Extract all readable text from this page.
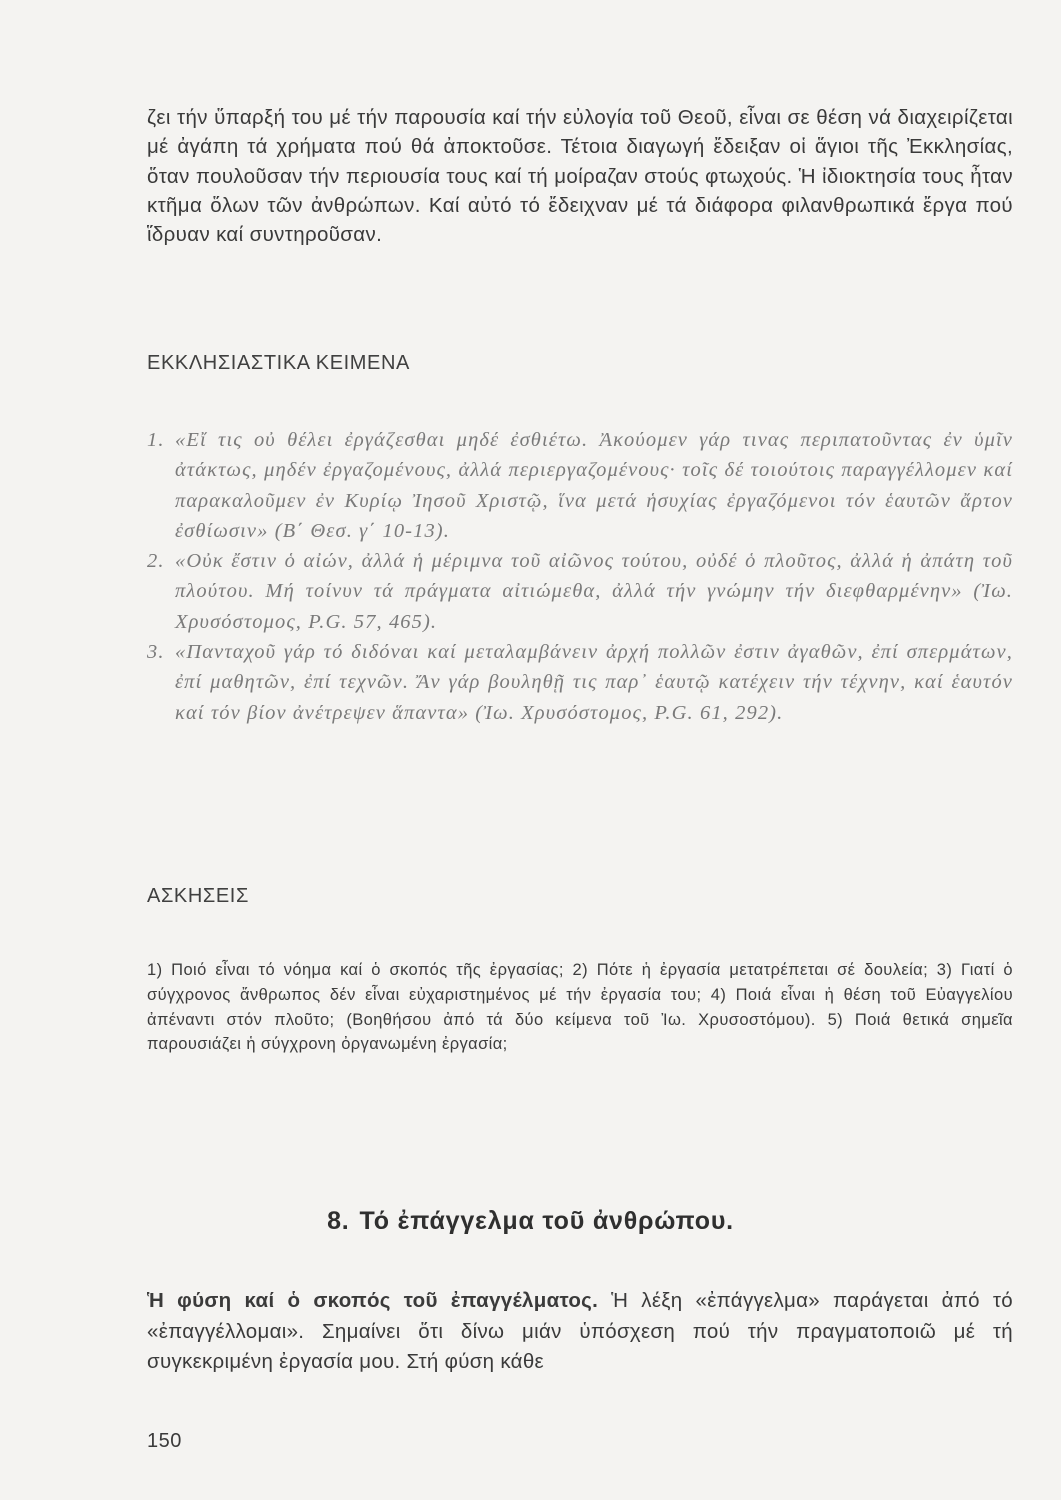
ζει τήν ὕπαρξή του μέ τήν παρουσία καί τήν εὐλογία τοῦ Θεοῦ, εἶναι σε θέση νά διαχειρίζεται μέ ἀγάπη τά χρήματα πού θά ἀποκτοῦσε. Τέτοια διαγωγή ἔδειξαν οἱ ἅγιοι τῆς Ἐκκλησίας, ὅταν πουλοῦσαν τήν περιουσία τους καί τή μοίραζαν στούς φτωχούς. Ἡ ἰδιοκτησία τους ἦταν κτῆμα ὅλων τῶν ἀνθρώπων. Καί αὐτό τό ἔδειχναν μέ τά διάφορα φιλανθρωπικά ἔργα πού ἵδρυαν καί συντηροῦσαν.

ΕΚΚΛΗΣΙΑΣΤΙΚΑ ΚΕΙΜΕΝΑ
1. «Εἴ τις οὐ θέλει ἐργάζεσθαι μηδέ ἐσθιέτω. Ἀκούομεν γάρ τινας περιπατοῦντας ἐν ὑμῖν ἀτάκτως, μηδέν ἐργαζομένους, ἀλλά περιεργαζομένους· τοῖς δέ τοιούτοις παραγγέλλομεν καί παρακαλοῦμεν ἐν Κυρίῳ Ἰησοῦ Χριστῷ, ἵνα μετά ἡσυχίας ἐργαζόμενοι τόν ἑαυτῶν ἄρτον ἐσθίωσιν» (Β΄ Θεσ. γ΄ 10-13).
2. «Οὐκ ἔστιν ὁ αἰών, ἀλλά ἡ μέριμνα τοῦ αἰῶνος τούτου, οὐδέ ὁ πλοῦτος, ἀλλά ἡ ἀπάτη τοῦ πλούτου. Μή τοίνυν τά πράγματα αἰτιώμεθα, ἀλλά τήν γνώμην τήν διεφθαρμένην» (Ἰω. Χρυσόστομος, P.G. 57, 465).
3. «Πανταχοῦ γάρ τό διδόναι καί μεταλαμβάνειν ἀρχή πολλῶν ἐστιν ἀγαθῶν, ἐπί σπερμάτων, ἐπί μαθητῶν, ἐπί τεχνῶν. Ἄν γάρ βουληθῇ τις παρ᾽ ἑαυτῷ κατέχειν τήν τέχνην, καί ἑαυτόν καί τόν βίον ἀνέτρεψεν ἅπαντα» (Ἰω. Χρυσόστομος, P.G. 61, 292).
ΑΣΚΗΣΕΙΣ

1) Ποιό εἶναι τό νόημα καί ὁ σκοπός τῆς ἐργασίας; 2) Πότε ἡ ἐργασία μετατρέπεται σέ δουλεία; 3) Γιατί ὁ σύγχρονος ἄνθρωπος δέν εἶναι εὐχαριστημένος μέ τήν ἐργασία του; 4) Ποιά εἶναι ἡ θέση τοῦ Εὐαγγελίου ἀπέναντι στόν πλοῦτο; (Βοηθήσου ἀπό τά δύο κείμενα τοῦ Ἰω. Χρυσοστόμου). 5) Ποιά θετικά σημεῖα παρουσιάζει ἡ σύγχρονη ὀργανωμένη ἐργασία;

8. Τό ἐπάγγελμα τοῦ ἀνθρώπου.

Ἡ φύση καί ὁ σκοπός τοῦ ἐπαγγέλματος. Ἡ λέξη «ἐπάγγελμα» παράγεται ἀπό τό «ἐπαγγέλλομαι». Σημαίνει ὅτι δίνω μιάν ὑπόσχεση πού τήν πραγματοποιῶ μέ τή συγκεκριμένη ἐργασία μου. Στή φύση κάθε

150
